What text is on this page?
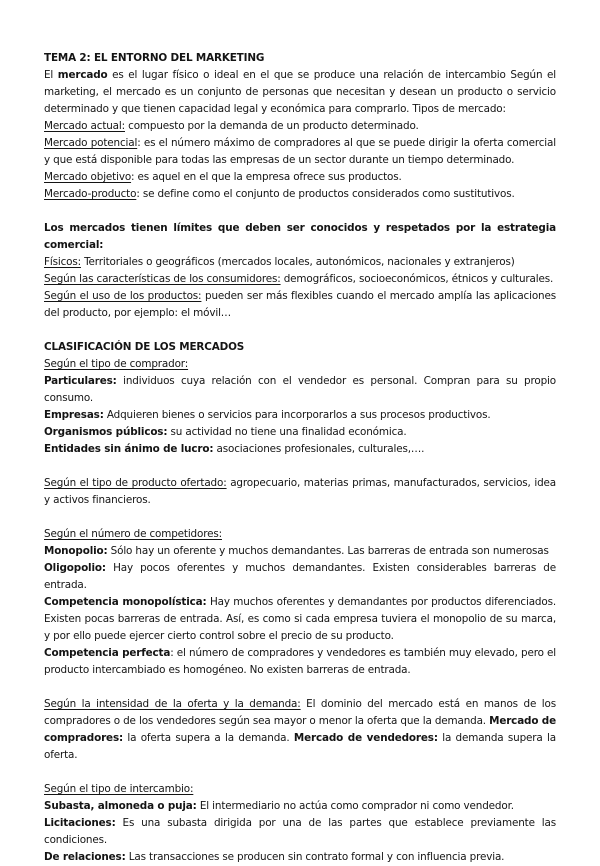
TEMA 2: EL ENTORNO DEL MARKETING

El mercado es el lugar físico o ideal en el que se produce una relación de intercambio Según el marketing, el mercado es un conjunto de personas que necesitan y desean un producto o servicio determinado y que tienen capacidad legal y económica para comprarlo. Tipos de mercado:

Mercado actual: compuesto por la demanda de un producto determinado.

Mercado potencial: es el número máximo de compradores al que se puede dirigir la oferta comercial y que está disponible para todas las empresas de un sector durante un tiempo determinado.

Mercado objetivo: es aquel en el que la empresa ofrece sus productos.

Mercado-producto: se define como el conjunto de productos considerados como sustitutivos.

Los mercados tienen límites que deben ser conocidos y respetados por la estrategia comercial:

Físicos: Territoriales o geográficos (mercados locales, autonómicos, nacionales y extranjeros)

Según las características de los consumidores: demográficos, socioeconómicos, étnicos y culturales.

Según el uso de los productos: pueden ser más flexibles cuando el mercado amplía las aplicaciones del producto, por ejemplo: el móvil…

CLASIFICACIÓN DE LOS MERCADOS

Según el tipo de comprador:

Particulares: individuos cuya relación con el vendedor es personal. Compran para su propio consumo.

Empresas: Adquieren bienes o servicios para incorporarlos a sus procesos productivos.

Organismos públicos: su actividad no tiene una finalidad económica.

Entidades sin ánimo de lucro: asociaciones profesionales, culturales,….

Según el tipo de producto ofertado: agropecuario, materias primas, manufacturados, servicios, idea y activos financieros.

Según el número de competidores:

Monopolio: Sólo hay un oferente y muchos demandantes. Las barreras de entrada son numerosas

Oligopolio: Hay pocos oferentes y muchos demandantes. Existen considerables barreras de entrada.

Competencia monopolística: Hay muchos oferentes y demandantes por productos diferenciados. Existen pocas barreras de entrada. Así, es como si cada empresa tuviera el monopolio de su marca, y por ello puede ejercer cierto control sobre el precio de su producto.

Competencia perfecta: el número de compradores y vendedores es también muy elevado, pero el producto intercambiado es homogéneo. No existen barreras de entrada.

Según la intensidad de la oferta y la demanda: El dominio del mercado está en manos de los compradores o de los vendedores según sea mayor o menor la oferta que la demanda. Mercado de compradores: la oferta supera a la demanda. Mercado de vendedores: la demanda supera la oferta.

Según el tipo de intercambio:

Subasta, almoneda o puja: El intermediario no actúa como comprador ni como vendedor.

Licitaciones: Es una subasta dirigida por una de las partes que establece previamente las condiciones.

De relaciones: Las transacciones se producen sin contrato formal y con influencia previa.
